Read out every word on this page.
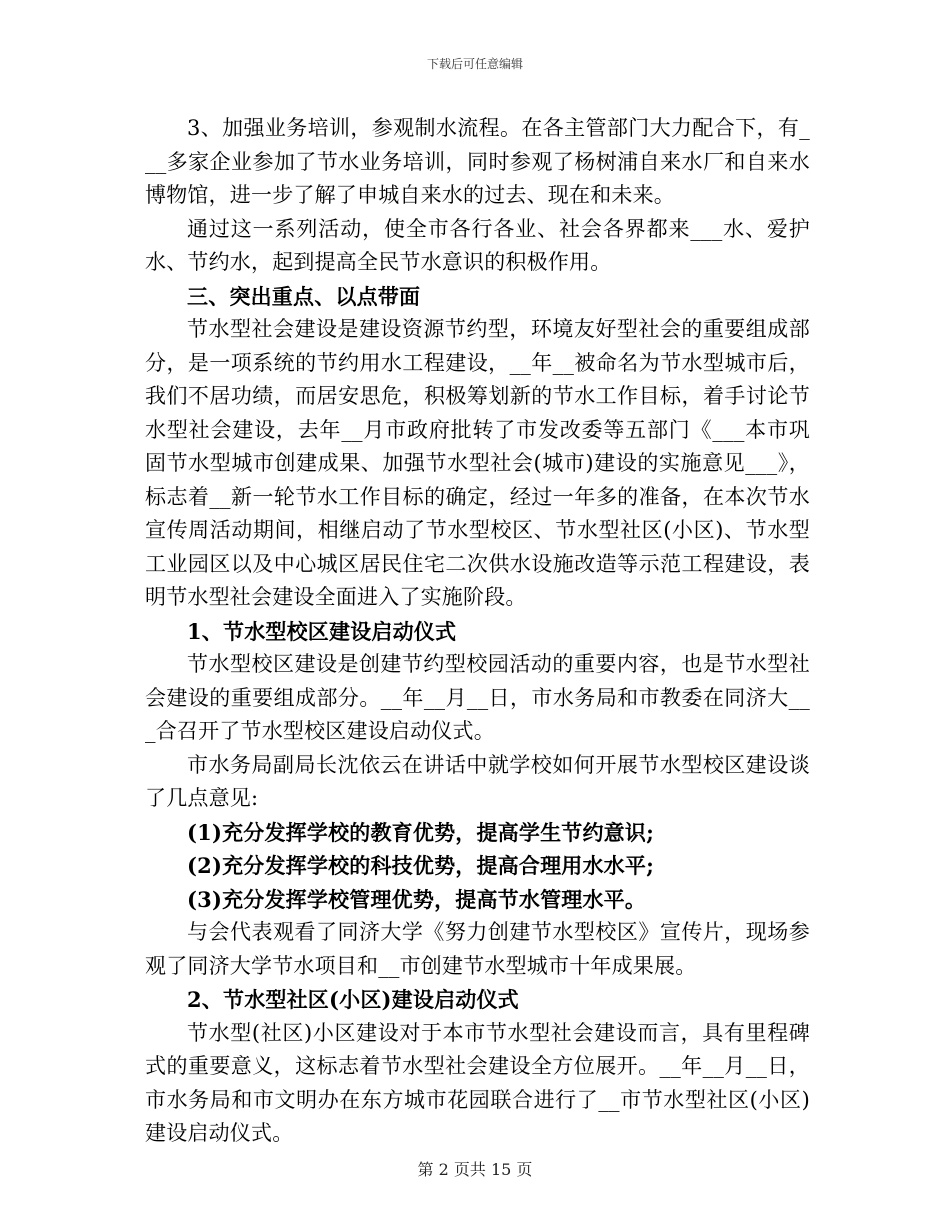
下载后可任意编辑

3、加强业务培训，参观制水流程。在各主管部门大力配合下，有___多家企业参加了节水业务培训，同时参观了杨树浦自来水厂和自来水博物馆，进一步了解了申城自来水的过去、现在和未来。

通过这一系列活动，使全市各行各业、社会各界都来___水、爱护水、节约水，起到提高全民节水意识的积极作用。

三、突出重点、以点带面

节水型社会建设是建设资源节约型，环境友好型社会的重要组成部分，是一项系统的节约用水工程建设，__年__被命名为节水型城市后，我们不居功绩，而居安思危，积极筹划新的节水工作目标，着手讨论节水型社会建设，去年__月市政府批转了市发改委等五部门《___本市巩固节水型城市创建成果、加强节水型社会(城市)建设的实施意见___》，标志着__新一轮节水工作目标的确定，经过一年多的准备，在本次节水宣传周活动期间，相继启动了节水型校区、节水型社区(小区)、节水型工业园区以及中心城区居民住宅二次供水设施改造等示范工程建设，表明节水型社会建设全面进入了实施阶段。

1、节水型校区建设启动仪式

节水型校区建设是创建节约型校园活动的重要内容，也是节水型社会建设的重要组成部分。__年__月__日，市水务局和市教委在同济大___合召开了节水型校区建设启动仪式。

市水务局副局长沈依云在讲话中就学校如何开展节水型校区建设谈了几点意见:

(1)充分发挥学校的教育优势，提高学生节约意识;

(2)充分发挥学校的科技优势，提高合理用水水平;

(3)充分发挥学校管理优势，提高节水管理水平。

与会代表观看了同济大学《努力创建节水型校区》宣传片，现场参观了同济大学节水项目和__市创建节水型城市十年成果展。

2、节水型社区(小区)建设启动仪式

节水型(社区)小区建设对于本市节水型社会建设而言，具有里程碑式的重要意义，这标志着节水型社会建设全方位展开。__年__月__日，市水务局和市文明办在东方城市花园联合进行了__市节水型社区(小区)建设启动仪式。

第 2 页共 15 页
